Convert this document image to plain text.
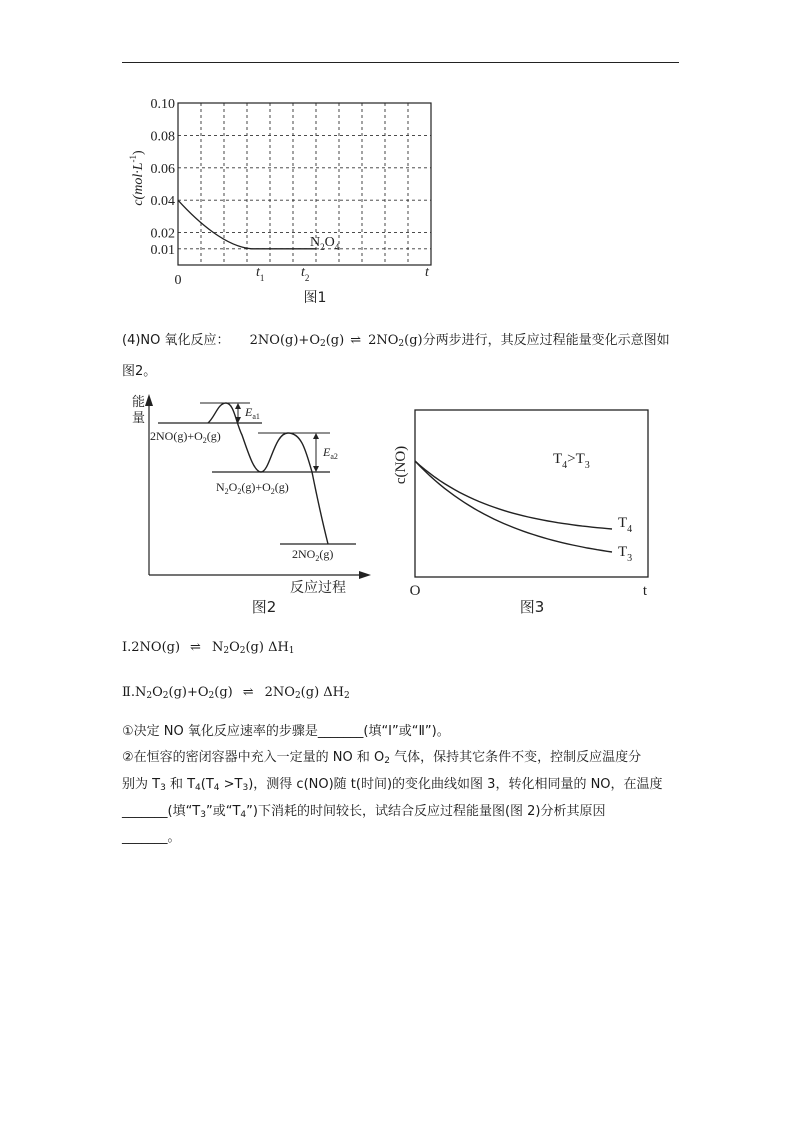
0.10
0.08
0.06
0.04
0.02
0.01
$c(mol\cdot L^{-1})$
0
$t_1$	$t_2$	t
$N_2O_4$
图1
(4)NO 氧化反应： $2NO(g)+O_2(g)$ ⇌ $2NO_2(g)$分两步进行，其反应过程能量变化示意图如
图2。
能
量	$E_{a1}$
$E_{a2}$
$2NO(g)+O_2(g)$
$N_2O_2(g)+O_2(g)$
$2NO_2(g)$
反应过程
图2
c(NO)	$T_4>T_3$
$T_4$
$T_3$
O	t
图3
Ⅰ.2NO(g) ⇌ $N_2O_2(g)$ $\Delta H_1$
$Ⅱ.N_2O_2(g)+O_2(g)$ ⇌ $2NO_2(g)$ $\Delta H_2$
①决定 NO 氧化反应速率的步骤是_______(填“Ⅰ”或“Ⅱ”)。
②在恒容的密闭容器中充入一定量的 NO 和 $O_2$ 气体，保持其它条件不变，控制反应温度分
别为 $T_3$ 和 $T_4(T_4 >T_3)$，测得 c(NO)随 t(时间)的变化曲线如图 3，转化相同量的 NO，在温度
_______(填“$T_3$”或“$T_4$”)下消耗的时间较长，试结合反应过程能量图(图 2)分析其原因
_______。
